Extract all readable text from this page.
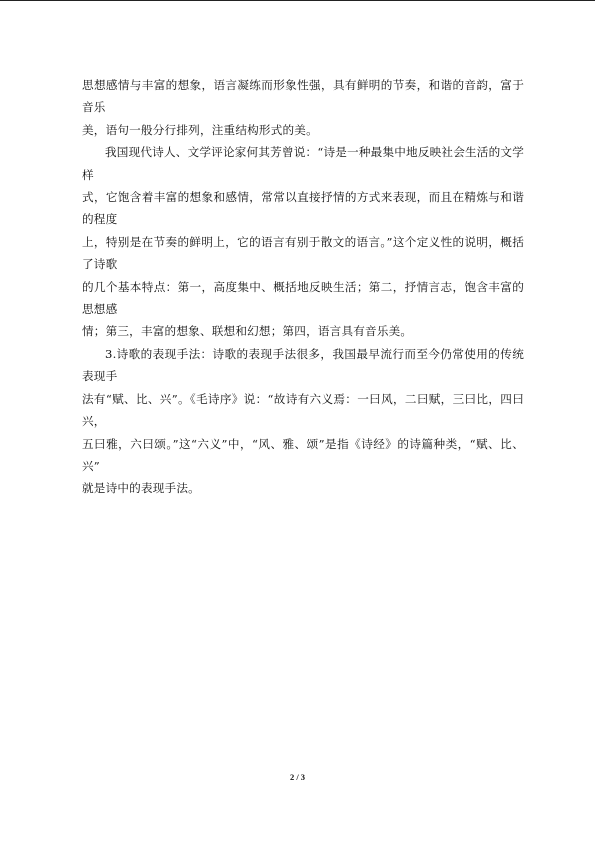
思想感情与丰富的想象，语言凝练而形象性强，具有鲜明的节奏，和谐的音韵，富于音乐
美，语句一般分行排列，注重结构形式的美。

我国现代诗人、文学评论家何其芳曾说：“诗是一种最集中地反映社会生活的文学样
式，它饱含着丰富的想象和感情，常常以直接抒情的方式来表现，而且在精炼与和谐的程度
上，特别是在节奏的鲜明上，它的语言有别于散文的语言。”这个定义性的说明，概括了诗歌
的几个基本特点：第一，高度集中、概括地反映生活；第二，抒情言志，饱含丰富的思想感
情；第三，丰富的想象、联想和幻想；第四，语言具有音乐美。

3.诗歌的表现手法：诗歌的表现手法很多，我国最早流行而至今仍常使用的传统表现手
法有“赋、比、兴”。《毛诗序》说：“故诗有六义焉：一曰风，二曰赋，三曰比，四曰兴，
五曰雅，六曰颂。”这“六义”中，“风、雅、颂”是指《诗经》的诗篇种类，“赋、比、兴”
就是诗中的表现手法。

2 / 3
